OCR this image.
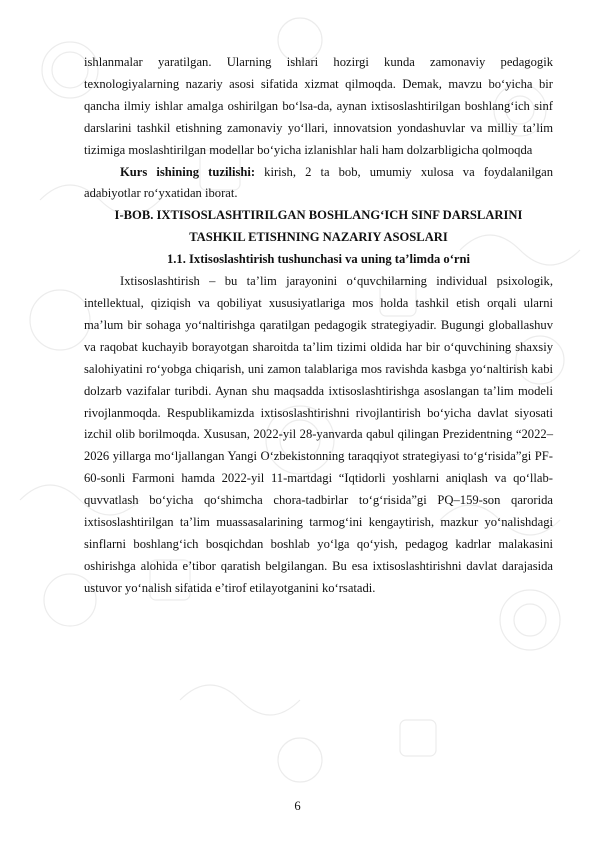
ishlanmalar yaratilgan. Ularning ishlari hozirgi kunda zamonaviy pedagogik texnologiyalarning nazariy asosi sifatida xizmat qilmoqda. Demak, mavzu bo‘yicha bir qancha ilmiy ishlar amalga oshirilgan bo‘lsa-da, aynan ixtisoslashtirilgan boshlang‘ich sinf darslarini tashkil etishning zamonaviy yo‘llari, innovatsion yondashuvlar va milliy ta’lim tizimiga moslashtirilgan modellar bo‘yicha izlanishlar hali ham dolzarbligicha qolmoqda

Kurs ishining tuzilishi: kirish, 2 ta bob, umumiy xulosa va foydalanilgan adabiyotlar ro‘yxatidan iborat.

I-BOB. IXTISOSLASHTIRILGAN BOSHLANG‘ICH SINF DARSLARINI
TASHKIL ETISHNING NAZARIY ASOSLARI
1.1. Ixtisoslashtirish tushunchasi va uning ta’limda o‘rni

Ixtisoslashtirish – bu ta’lim jarayonini o‘quvchilarning individual psixologik, intellektual, qiziqish va qobiliyat xususiyatlariga mos holda tashkil etish orqali ularni ma’lum bir sohaga yo‘naltirishga qaratilgan pedagogik strategiyadir. Bugungi globallashuv va raqobat kuchayib borayotgan sharoitda ta’lim tizimi oldida har bir o‘quvchining shaxsiy salohiyatini ro‘yobga chiqarish, uni zamon talablariga mos ravishda kasbga yo‘naltirish kabi dolzarb vazifalar turibdi. Aynan shu maqsadda ixtisoslashtirishga asoslangan ta’lim modeli rivojlanmoqda. Respublikamizda ixtisoslashtirishni rivojlantirish bo‘yicha davlat siyosati izchil olib borilmoqda. Xususan, 2022-yil 28-yanvarda qabul qilingan Prezidentning “2022–2026 yillarga mo‘ljallangan Yangi O‘zbekistonning taraqqiyot strategiyasi to‘g‘risida”gi PF-60-sonli Farmoni hamda 2022-yil 11-martdagi “Iqtidorli yoshlarni aniqlash va qo‘llab-quvvatlash bo‘yicha qo‘shimcha chora-tadbirlar to‘g‘risida”gi PQ–159-son qarorida ixtisoslashtirilgan ta’lim muassasalarining tarmog‘ini kengaytirish, mazkur yo‘nalishdagi sinflarni boshlang‘ich bosqichdan boshlab yo‘lga qo‘yish, pedagog kadrlar malakasini oshirishga alohida e’tibor qaratish belgilangan. Bu esa ixtisoslashtirishni davlat darajasida ustuvor yo‘nalish sifatida e’tirof etilayotganini ko‘rsatadi.

6
